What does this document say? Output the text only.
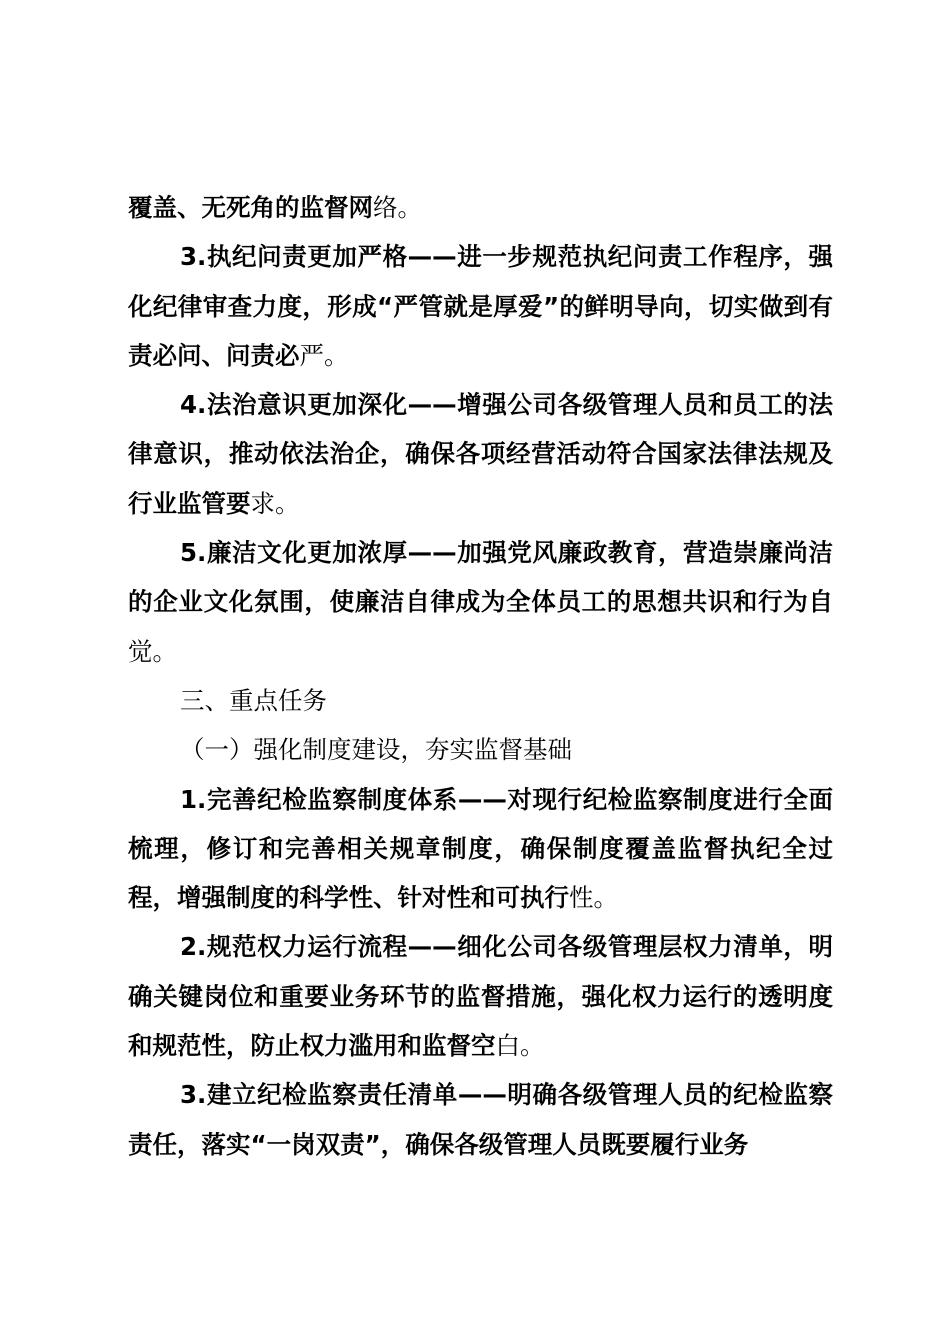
覆盖、无死角的监督网络。

3.执纪问责更加严格——进一步规范执纪问责工作程序，强化纪律审查力度，形成“严管就是厚爱”的鲜明导向，切实做到有责必问、问责必严。

4.法治意识更加深化——增强公司各级管理人员和员工的法律意识，推动依法治企，确保各项经营活动符合国家法律法规及行业监管要求。

5.廉洁文化更加浓厚——加强党风廉政教育，营造崇廉尚洁的企业文化氛围，使廉洁自律成为全体员工的思想共识和行为自觉。

三、重点任务

（一）强化制度建设，夯实监督基础

1.完善纪检监察制度体系——对现行纪检监察制度进行全面梳理，修订和完善相关规章制度，确保制度覆盖监督执纪全过程，增强制度的科学性、针对性和可执行性。

2.规范权力运行流程——细化公司各级管理层权力清单，明确关键岗位和重要业务环节的监督措施，强化权力运行的透明度和规范性，防止权力滥用和监督空白。

3.建立纪检监察责任清单——明确各级管理人员的纪检监察责任，落实“一岗双责”，确保各级管理人员既要履行业务
